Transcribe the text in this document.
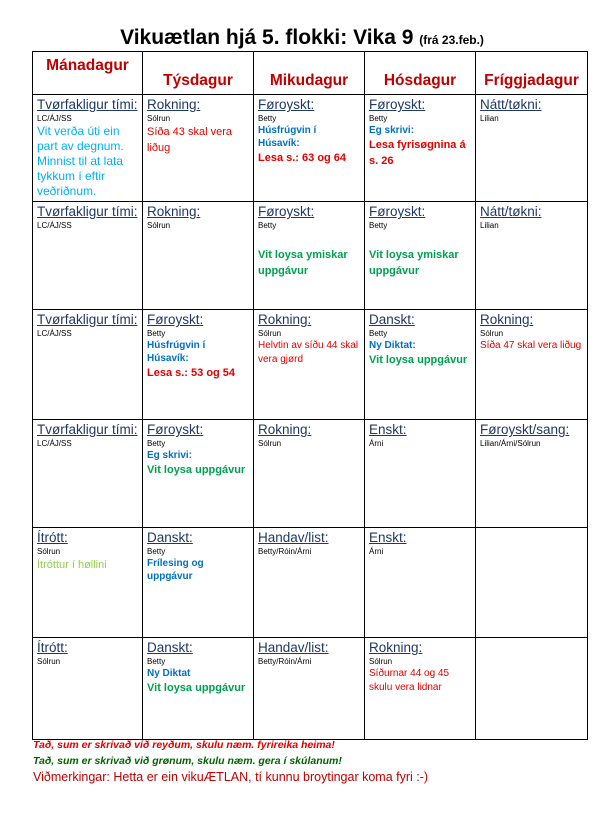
Vikuætlan hjá 5. flokki: Vika 9 (frá 23.feb.)
Mánadagur	Týsdagur	Mikudagur	Hósdagur	Fríggjadagur

Tvørfakligur tími:
LC/ÁJ/SS
Vit verða úti ein part av degnum. Minnist til at lata tykkum í eftir veðriðnum.	Rokning:
Sólrun
Síða 43 skal vera liðug	Føroyskt:
Betty
Húsfrúgvin í Húsavík:
Lesa s.: 63 og 64	Føroyskt:
Betty
Eg skrivi:
Lesa fyrisøgnina á s. 26	Nátt/tøkni:
Lilian

Tvørfakligur tími:
LC/ÁJ/SS	Rokning:
Sólrun	Føroyskt:
Betty
Vit loysa ymiskar uppgávur	Føroyskt:
Betty
Vit loysa ymiskar uppgávur	Nátt/tøkni:
Lilian

Tvørfakligur tími:
LC/ÁJ/SS	Føroyskt:
Betty
Húsfrúgvin í Húsavík:
Lesa s.: 53 og 54	Rokning:
Sólrun
Helvtin av síðu 44 skal vera gjørd	Danskt:
Betty
Ny Diktat:
Vit loysa uppgávur	Rokning:
Sólrun
Síða 47 skal vera liðug

Tvørfakligur tími:
LC/ÁJ/SS	Føroyskt:
Betty
Eg skrivi:
Vit loysa uppgávur	Rokning:
Sólrun	Enskt:
Árni	Føroyskt/sang:
Lilian/Árni/Sólrun

Ítrótt:
Sólrun
Ítróttur í høllini	Danskt:
Betty
Frílesing og uppgávur	Handav/list:
Betty/Róin/Árni	Enskt:
Árni	

Ítrótt:
Sólrun	Danskt:
Betty
Ny Diktat
Vit loysa uppgávur	Handav/list:
Betty/Róin/Árni	Rokning:
Sólrun
Síðurnar 44 og 45 skulu vera lidnar	

Tað, sum er skrivað við reyðum, skulu næm. fyrireika heima!
Tað, sum er skrivað við grønum, skulu næm. gera í skúlanum!
Viðmerkingar: Hetta er ein vikuÆTLAN, tí kunnu broytingar koma fyri :-)
